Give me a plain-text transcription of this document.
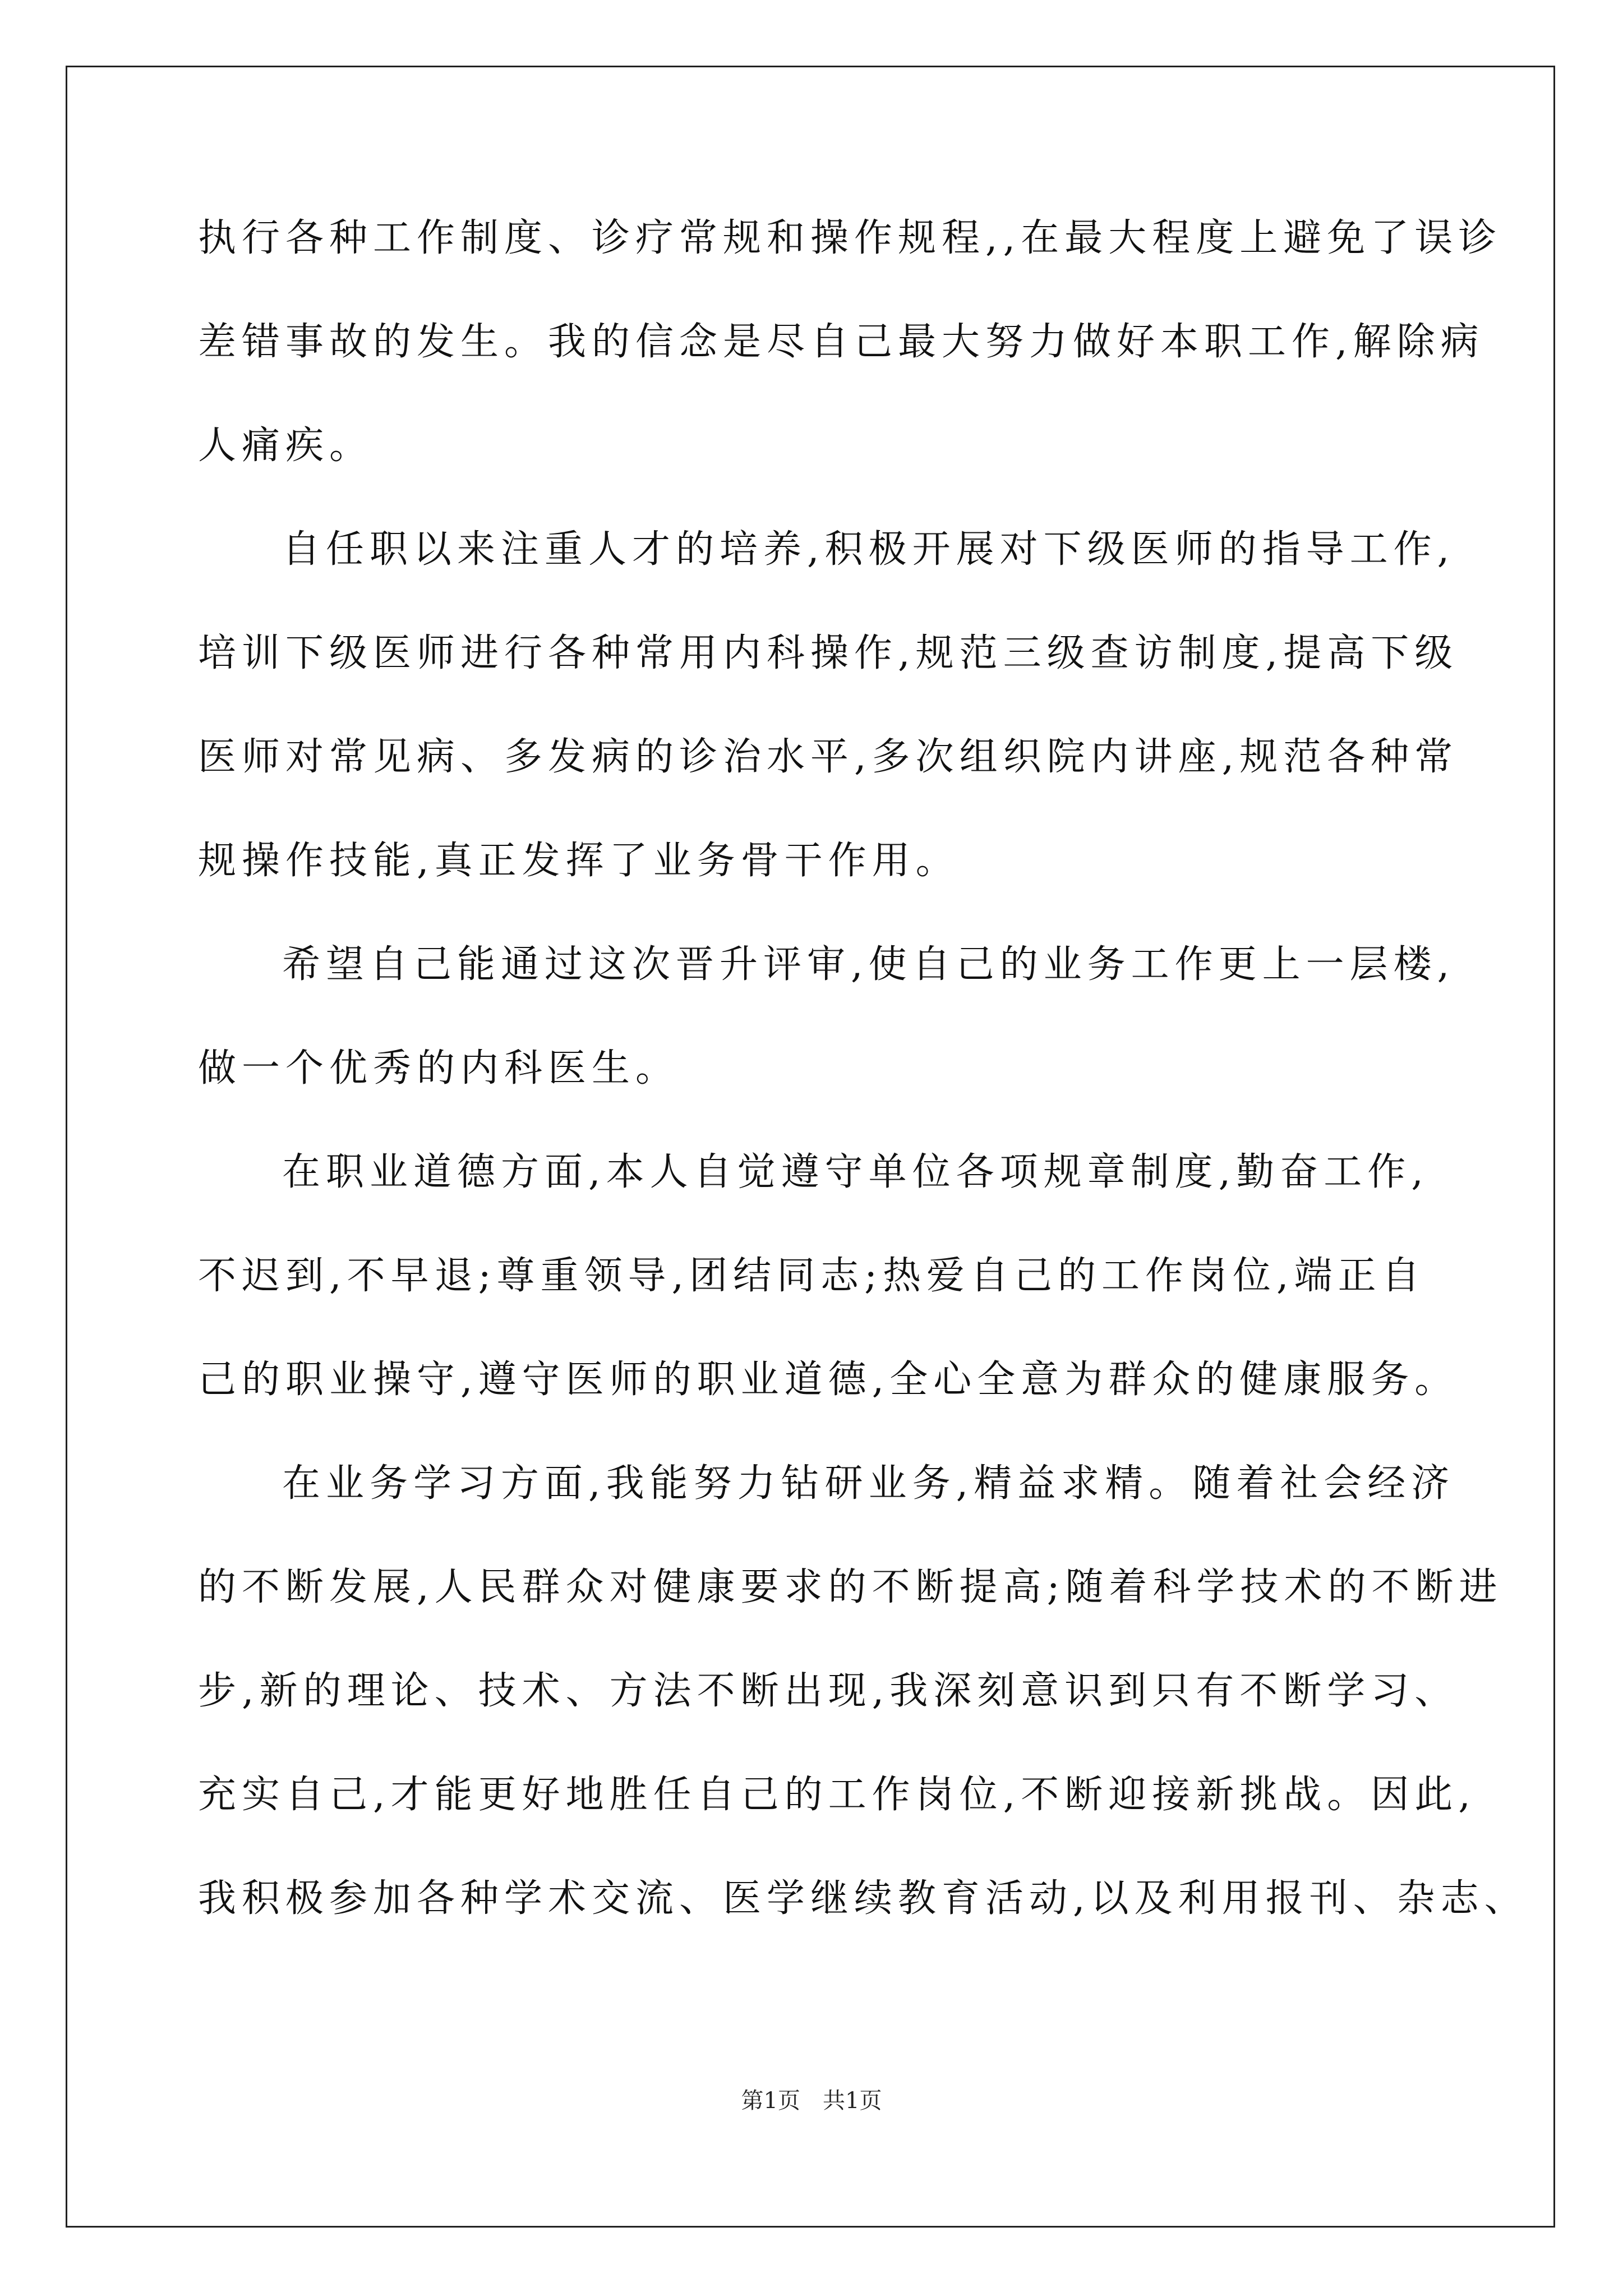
执行各种工作制度、诊疗常规和操作规程,,在最大程度上避免了误诊
差错事故的发生。我的信念是尽自己最大努力做好本职工作,解除病
人痛疾。
自任职以来注重人才的培养,积极开展对下级医师的指导工作,
培训下级医师进行各种常用内科操作,规范三级查访制度,提高下级
医师对常见病、多发病的诊治水平,多次组织院内讲座,规范各种常
规操作技能,真正发挥了业务骨干作用。
希望自己能通过这次晋升评审,使自己的业务工作更上一层楼,
做一个优秀的内科医生。
在职业道德方面,本人自觉遵守单位各项规章制度,勤奋工作,
不迟到,不早退;尊重领导,团结同志;热爱自己的工作岗位,端正自
己的职业操守,遵守医师的职业道德,全心全意为群众的健康服务。
在业务学习方面,我能努力钻研业务,精益求精。随着社会经济
的不断发展,人民群众对健康要求的不断提高;随着科学技术的不断进
步,新的理论、技术、方法不断出现,我深刻意识到只有不断学习、
充实自己,才能更好地胜任自己的工作岗位,不断迎接新挑战。因此,
我积极参加各种学术交流、医学继续教育活动,以及利用报刊、杂志、
第1页 共1页
